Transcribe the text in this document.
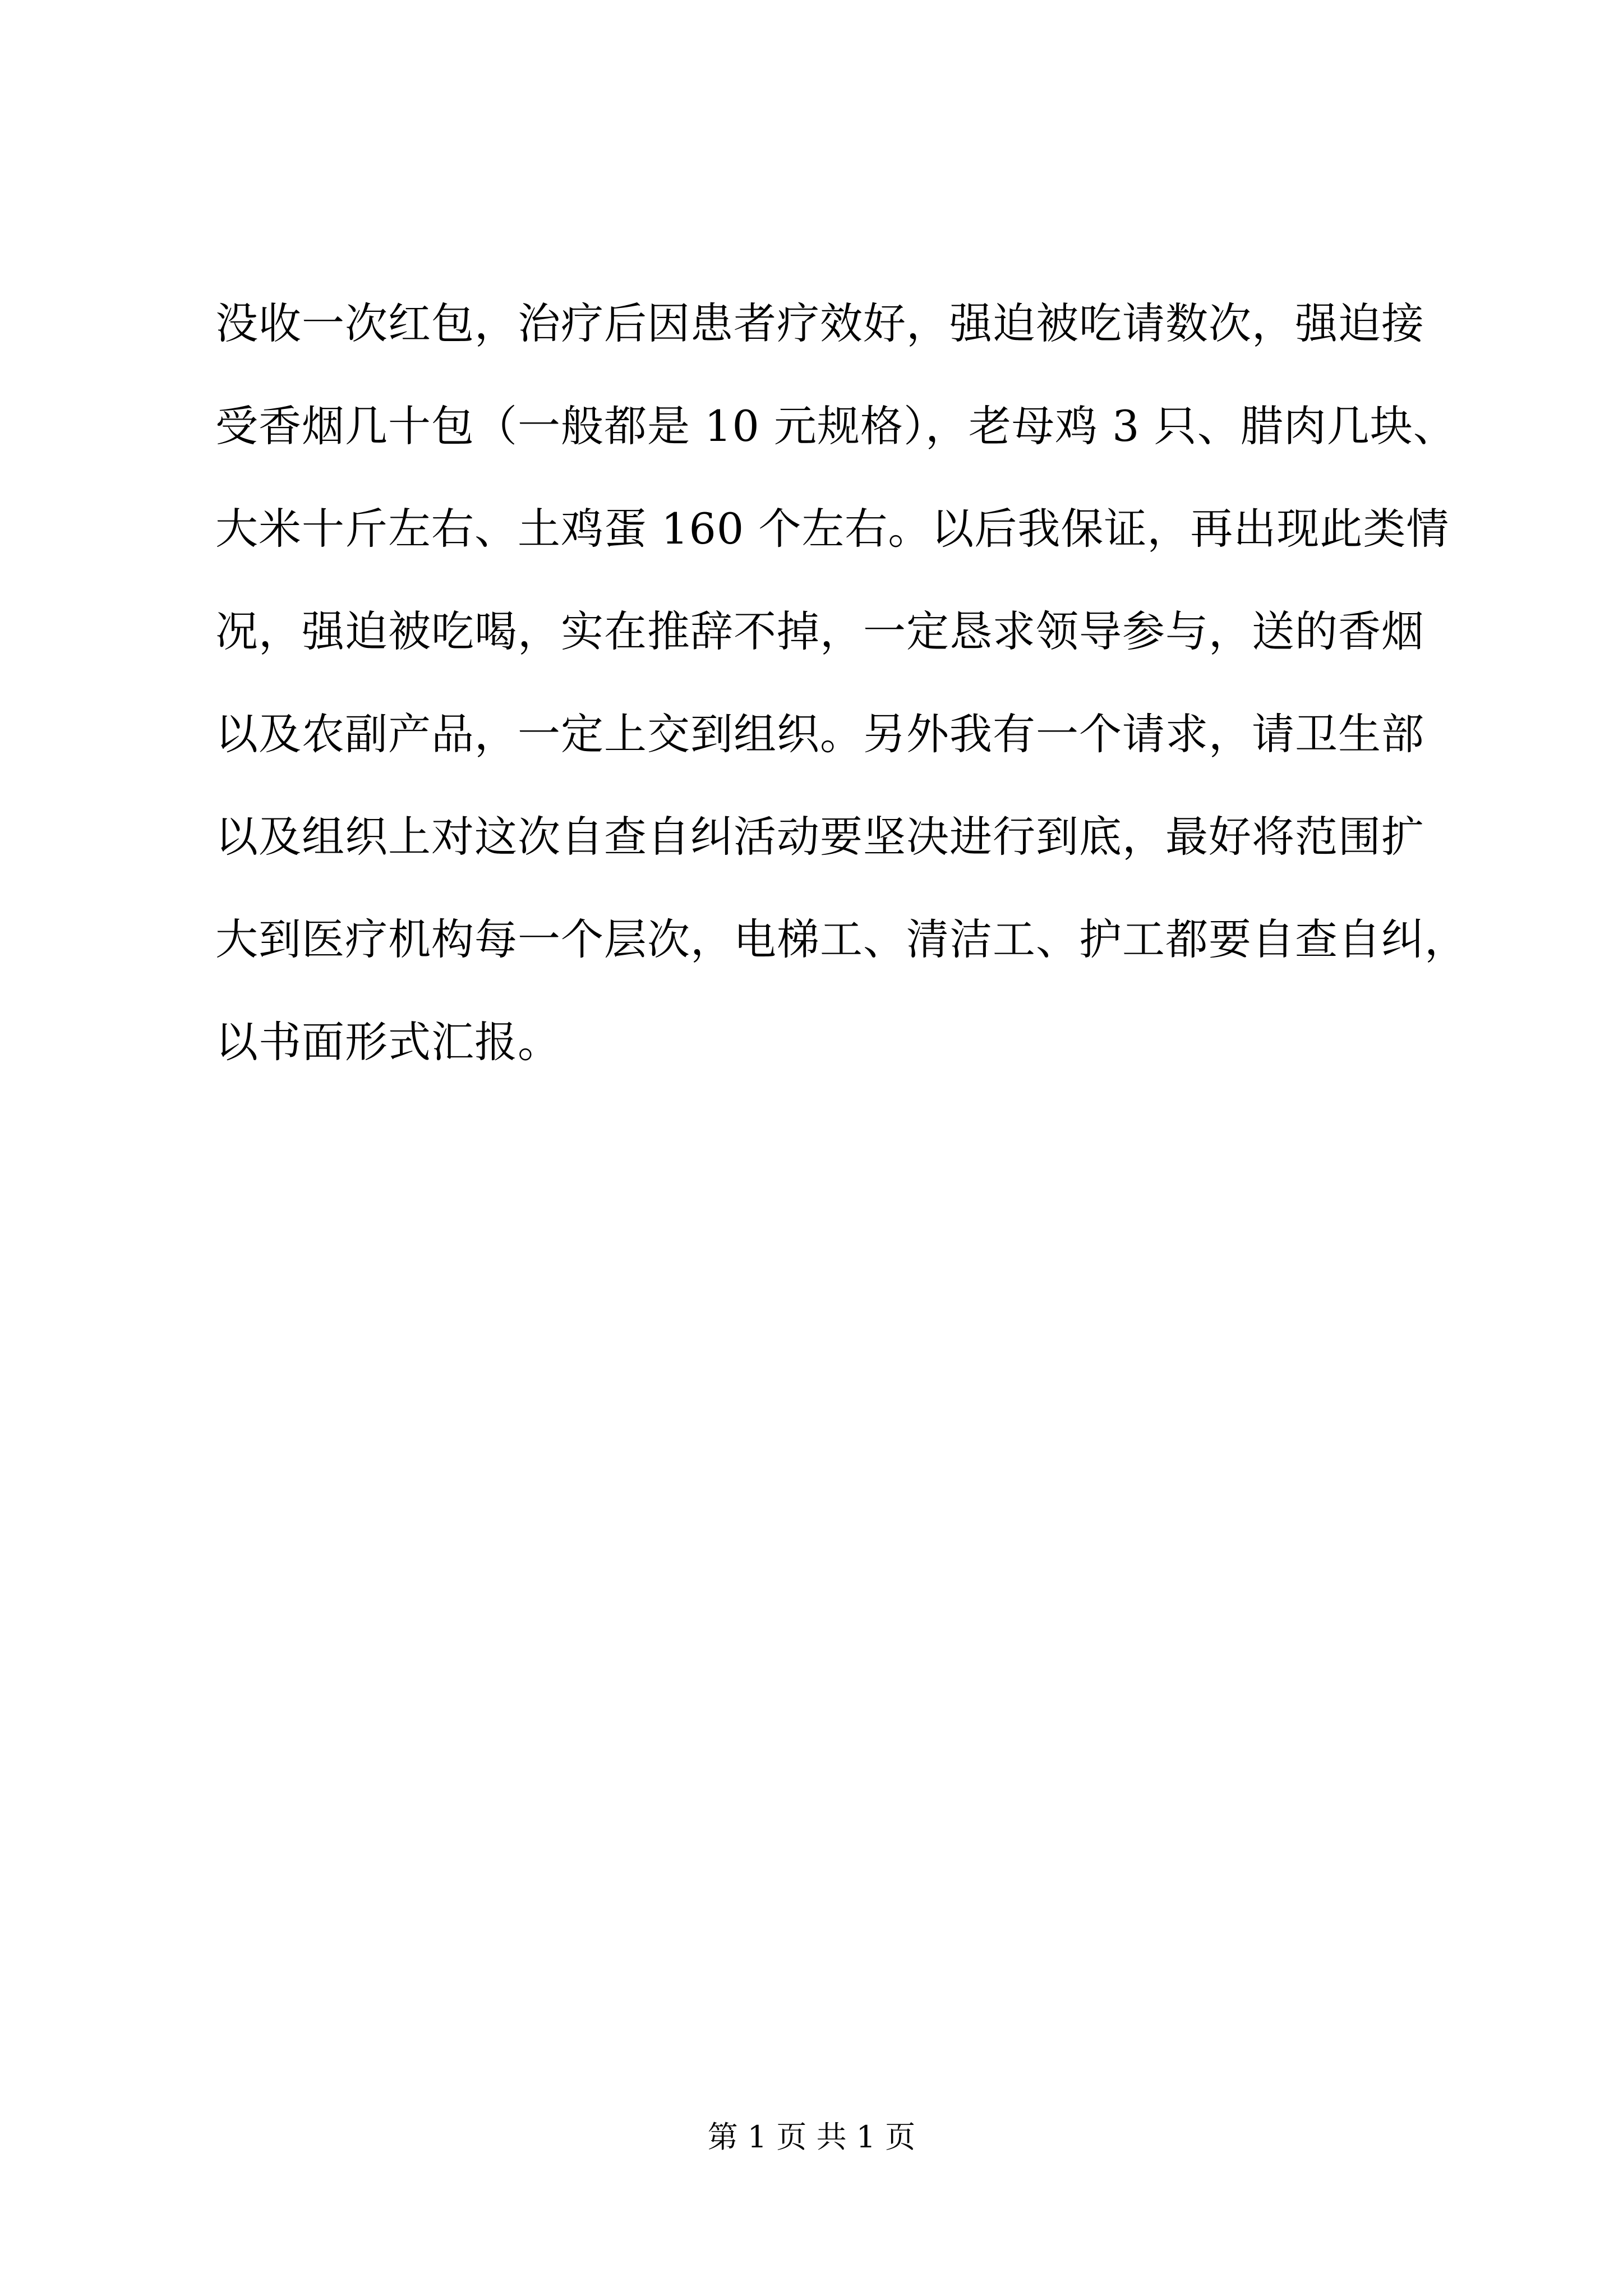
没收一次红包，治疗后因患者疗效好，强迫被吃请数次，强迫接
受香烟几十包（一般都是 10 元规格），老母鸡 3 只、腊肉几块、
大米十斤左右、土鸡蛋 160 个左右。以后我保证，再出现此类情
况，强迫被吃喝，实在推辞不掉，一定恳求领导参与，送的香烟
以及农副产品，一定上交到组织。另外我有一个请求，请卫生部
以及组织上对这次自查自纠活动要坚决进行到底，最好将范围扩
大到医疗机构每一个层次，电梯工、清洁工、护工都要自查自纠，
以书面形式汇报。
第 1 页 共 1 页
